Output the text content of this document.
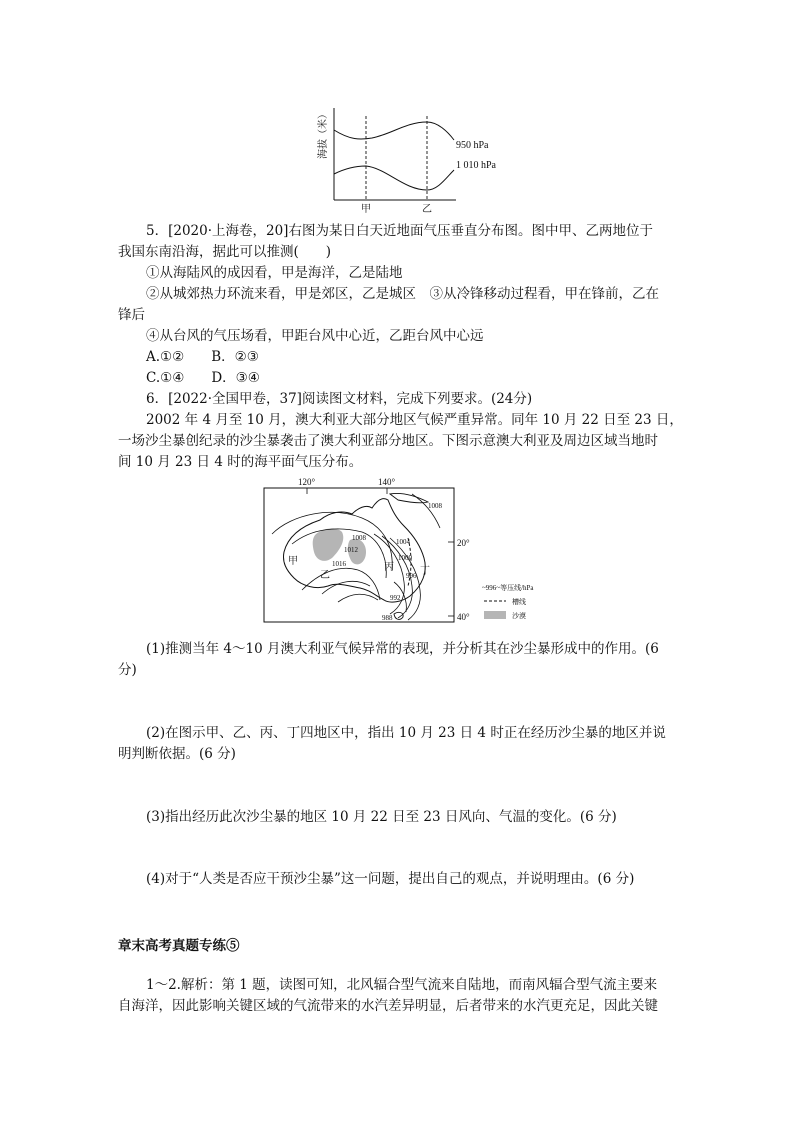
海拔（米）	950 hPa
1 010 hPa
甲	乙
5．[2020·上海卷，20]右图为某日白天近地面气压垂直分布图。图中甲、乙两地位于
我国东南沿海，据此可以推测(　　)
①从海陆风的成因看，甲是海洋，乙是陆地
②从城郊热力环流来看，甲是郊区，乙是城区　③从冷锋移动过程看，甲在锋前，乙在
锋后
④从台风的气压场看，甲距台风中心近，乙距台风中心远
A.①②　　B．②③
C.①④　　D．③④
6．[2022·全国甲卷，37]阅读图文材料，完成下列要求。(24分)
2002 年 4 月至 10 月，澳大利亚大部分地区气候严重异常。同年 10 月 22 日至 23 日，
一场沙尘暴创纪录的沙尘暴袭击了澳大利亚部分地区。下图示意澳大利亚及周边区域当地时
间 10 月 23 日 4 时的海平面气压分布。
120°	140°
20°
40°
1008
1008	1004
1012
1016
1000
996
992
988
甲
乙
丙	丁
~996~等压线/hPa
槽线
沙漠
(1)推测当年 4～10 月澳大利亚气候异常的表现，并分析其在沙尘暴形成中的作用。(6
分)
(2)在图示甲、乙、丙、丁四地区中，指出 10 月 23 日 4 时正在经历沙尘暴的地区并说
明判断依据。(6 分)
(3)指出经历此次沙尘暴的地区 10 月 22 日至 23 日风向、气温的变化。(6 分)
(4)对于“人类是否应干预沙尘暴”这一问题，提出自己的观点，并说明理由。(6 分)
章末高考真题专练⑤
1～2.解析：第 1 题，读图可知，北风辐合型气流来自陆地，而南风辐合型气流主要来
自海洋，因此影响关键区域的气流带来的水汽差异明显，后者带来的水汽更充足，因此关键
